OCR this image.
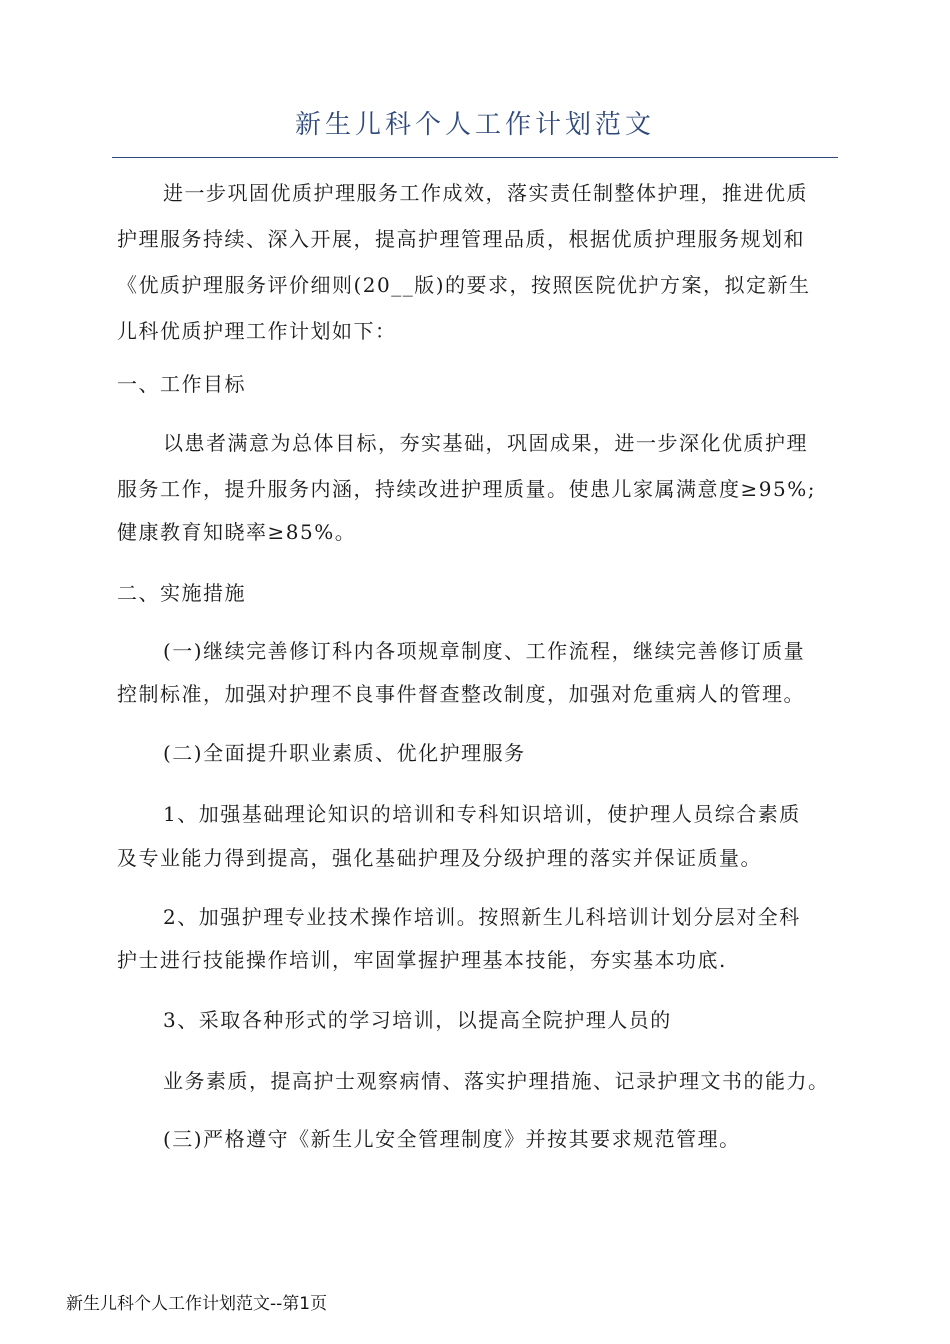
新生儿科个人工作计划范文
进一步巩固优质护理服务工作成效，落实责任制整体护理，推进优质
护理服务持续、深入开展，提高护理管理品质，根据优质护理服务规划和
《优质护理服务评价细则(20__版)的要求，按照医院优护方案，拟定新生
儿科优质护理工作计划如下：
一、工作目标
以患者满意为总体目标，夯实基础，巩固成果，进一步深化优质护理
服务工作，提升服务内涵，持续改进护理质量。使患儿家属满意度≥95%;
健康教育知晓率≥85%。
二、实施措施
(一)继续完善修订科内各项规章制度、工作流程，继续完善修订质量
控制标准，加强对护理不良事件督查整改制度，加强对危重病人的管理。
(二)全面提升职业素质、优化护理服务
1、加强基础理论知识的培训和专科知识培训，使护理人员综合素质
及专业能力得到提高，强化基础护理及分级护理的落实并保证质量。
2、加强护理专业技术操作培训。按照新生儿科培训计划分层对全科
护士进行技能操作培训，牢固掌握护理基本技能，夯实基本功底.
3、采取各种形式的学习培训，以提高全院护理人员的
业务素质，提高护士观察病情、落实护理措施、记录护理文书的能力。
(三)严格遵守《新生儿安全管理制度》并按其要求规范管理。
新生儿科个人工作计划范文--第1页
